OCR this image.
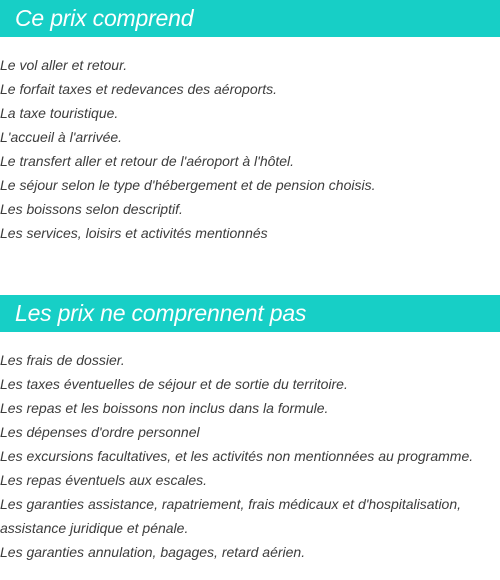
Ce prix comprend
Le vol aller et retour.
Le forfait taxes et redevances des aéroports.
La taxe touristique.
L'accueil à l'arrivée.
Le transfert aller et retour de l'aéroport à l'hôtel.
Le séjour selon le type d'hébergement et de pension choisis.
Les boissons selon descriptif.
Les services, loisirs et activités mentionnés
Les prix ne comprennent pas
Les frais de dossier.
Les taxes éventuelles de séjour et de sortie du territoire.
Les repas et les boissons non inclus dans la formule.
Les dépenses d'ordre personnel
Les excursions facultatives, et les activités non mentionnées au programme.
Les repas éventuels aux escales.
Les garanties assistance, rapatriement, frais médicaux et d'hospitalisation,
assistance juridique et pénale.
Les garanties annulation, bagages, retard aérien.
